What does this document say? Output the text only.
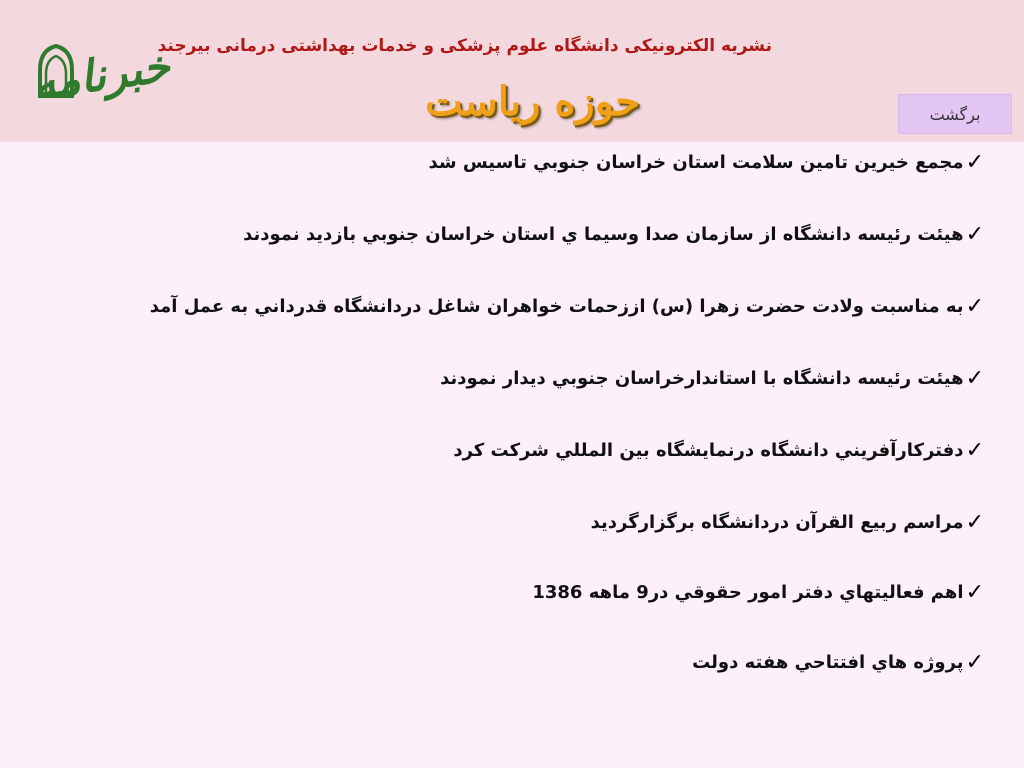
خبرنامه
نشریه الکترونیکی دانشگاه علوم پزشکی و خدمات بهداشتی درمانی بیرجند
حوزه رياست	برگشت
✓
مجمع خيرين تامين سلامت استان خراسان جنوبي تاسيس شد
✓
هيئت رئيسه دانشگاه از سازمان صدا وسيما ي استان خراسان جنوبي بازديد نمودند
✓
به مناسبت ولادت حضرت زهرا (س) اززحمات خواهران شاغل دردانشگاه قدرداني به عمل آمد
✓
هيئت رئيسه دانشگاه با استاندارخراسان جنوبي ديدار نمودند
✓
دفتركارآفريني دانشگاه درنمايشگاه بين المللي شركت كرد
✓
مراسم ربيع القرآن دردانشگاه برگزارگرديد
✓
اهم فعاليتهاي دفتر امور حقوقي در9 ماهه 1386
✓
پروژه هاي افتتاحي هفته دولت
